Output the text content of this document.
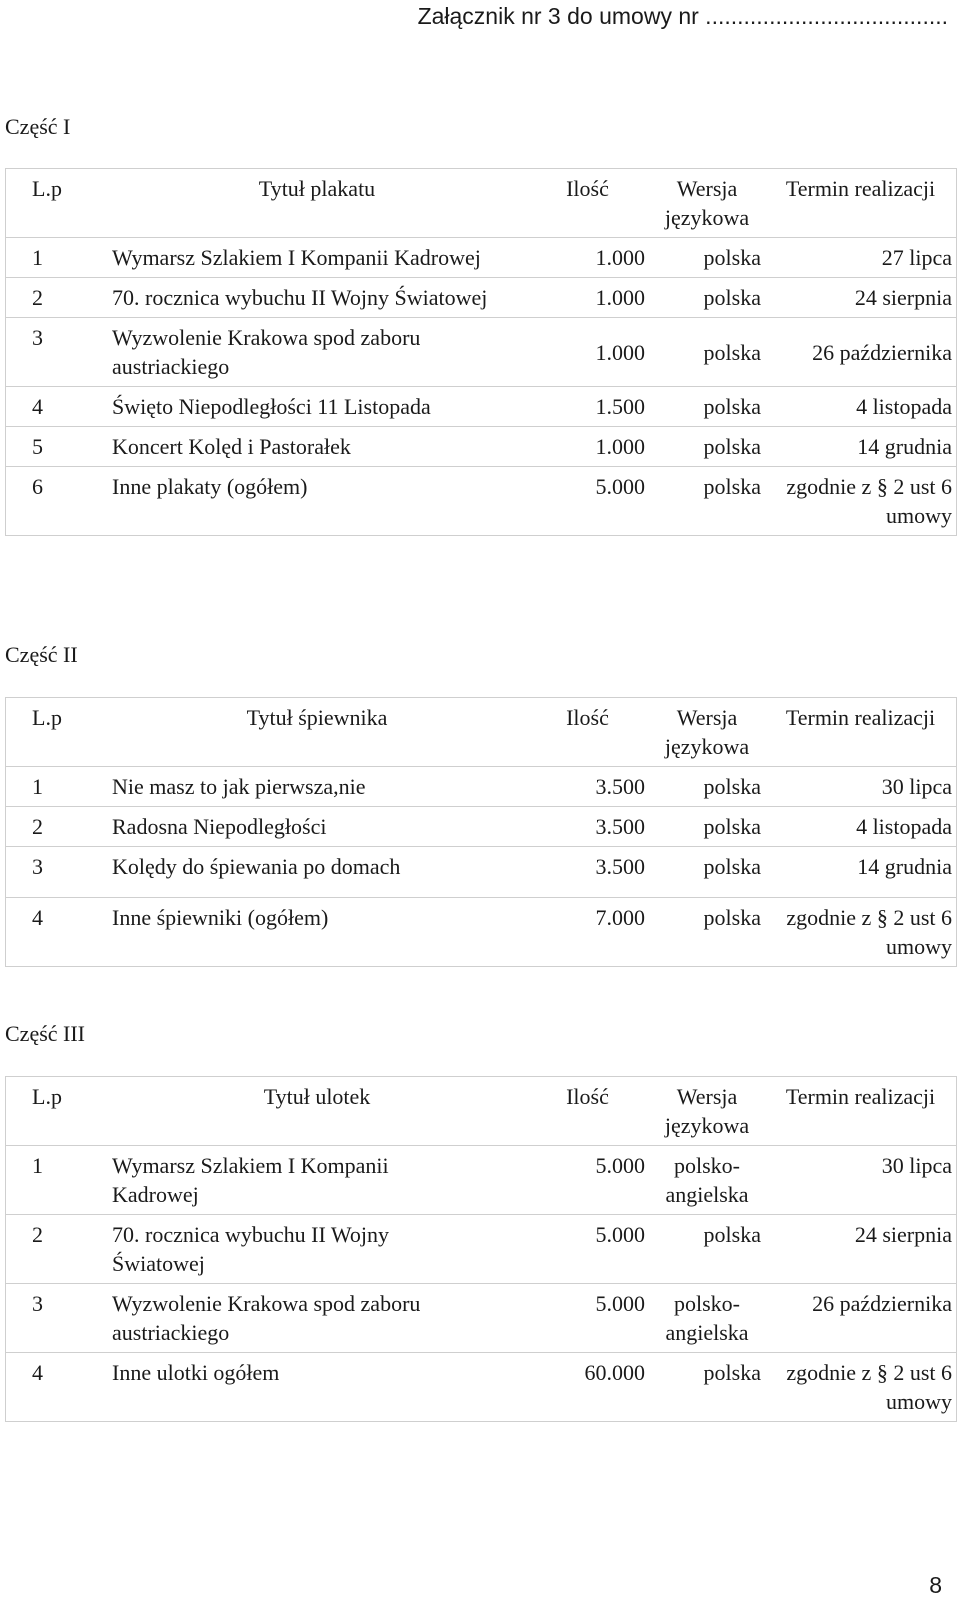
Załącznik nr 3 do umowy nr ......................................
Część I
L.p	Tytuł plakatu	Ilość	Wersja językowa	Termin realizacji
1	Wymarsz Szlakiem I Kompanii Kadrowej	1.000	polska	27 lipca
2	70. rocznica wybuchu II Wojny Światowej	1.000	polska	24 sierpnia
3	Wyzwolenie Krakowa spod zaboru austriackiego	1.000	polska	26 października
4	Święto Niepodległości 11 Listopada	1.500	polska	4 listopada
5	Koncert Kolęd i Pastorałek	1.000	polska	14 grudnia
6	Inne plakaty (ogółem)	5.000	polska	zgodnie z § 2 ust 6 umowy
Część II
L.p	Tytuł śpiewnika	Ilość	Wersja językowa	Termin realizacji
1	Nie masz to jak pierwsza,nie	3.500	polska	30 lipca
2	Radosna Niepodległości	3.500	polska	4 listopada
3	Kolędy do śpiewania po domach	3.500	polska	14 grudnia
4	Inne śpiewniki (ogółem)	7.000	polska	zgodnie z § 2 ust 6 umowy
Część III
L.p	Tytuł ulotek	Ilość	Wersja językowa	Termin realizacji
1	Wymarsz Szlakiem I Kompanii Kadrowej	5.000	polsko-angielska	30 lipca
2	70. rocznica wybuchu II Wojny Światowej	5.000	polska	24 sierpnia
3	Wyzwolenie Krakowa spod zaboru austriackiego	5.000	polsko-angielska	26 października
4	Inne ulotki ogółem	60.000	polska	zgodnie z § 2 ust 6 umowy
8
